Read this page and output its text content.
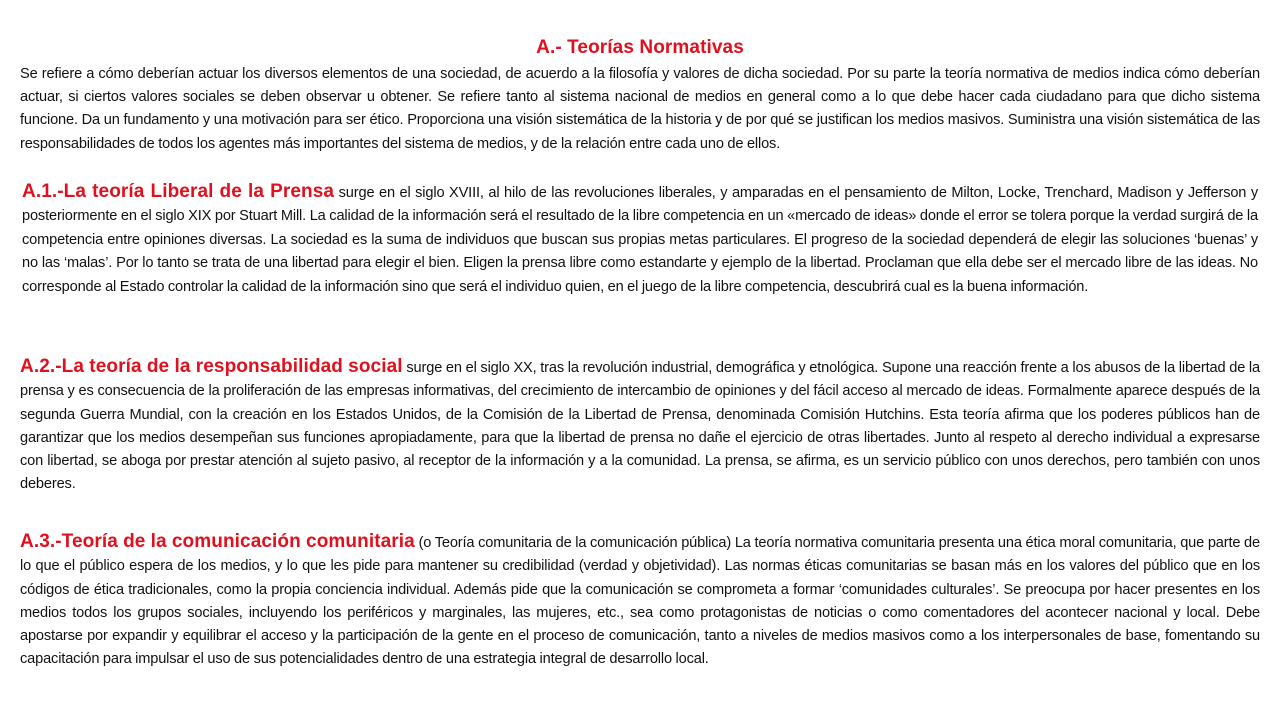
A.- Teorías Normativas
Se refiere a cómo deberían actuar los diversos elementos de una sociedad, de acuerdo a la filosofía y valores de dicha sociedad. Por su parte la teoría normativa de medios indica cómo deberían actuar, si ciertos valores sociales se deben observar u obtener. Se refiere tanto al sistema nacional de medios en general como a lo que debe hacer cada ciudadano para que dicho sistema funcione. Da un fundamento y una motivación para ser ético. Proporciona una visión sistemática de la historia y de por qué se justifican los medios masivos. Suministra una visión sistemática de las responsabilidades de todos los agentes más importantes del sistema de medios, y de la relación entre cada uno de ellos.
A.1.-La teoría Liberal de la Prensa surge en el siglo XVIII, al hilo de las revoluciones liberales, y amparadas en el pensamiento de Milton, Locke, Trenchard, Madison y Jefferson y posteriormente en el siglo XIX por Stuart Mill. La calidad de la información será el resultado de la libre competencia en un «mercado de ideas» donde el error se tolera porque la verdad surgirá de la competencia entre opiniones diversas. La sociedad es la suma de individuos que buscan sus propias metas particulares. El progreso de la sociedad dependerá de elegir las soluciones ‘buenas’ y no las ‘malas’. Por lo tanto se trata de una libertad para elegir el bien. Eligen la prensa libre como estandarte y ejemplo de la libertad. Proclaman que ella debe ser el mercado libre de las ideas. No corresponde al Estado controlar la calidad de la información sino que será el individuo quien, en el juego de la libre competencia, descubrirá cual es la buena información.
A.2.-La teoría de la responsabilidad social surge en el siglo XX, tras la revolución industrial, demográfica y etnológica. Supone una reacción frente a los abusos de la libertad de la prensa y es consecuencia de la proliferación de las empresas informativas, del crecimiento de intercambio de opiniones y del fácil acceso al mercado de ideas. Formalmente aparece después de la segunda Guerra Mundial, con la creación en los Estados Unidos, de la Comisión de la Libertad de Prensa, denominada Comisión Hutchins. Esta teoría afirma que los poderes públicos han de garantizar que los medios desempeñan sus funciones apropiadamente, para que la libertad de prensa no dañe el ejercicio de otras libertades. Junto al respeto al derecho individual a expresarse con libertad, se aboga por prestar atención al sujeto pasivo, al receptor de la información y a la comunidad. La prensa, se afirma, es un servicio público con unos derechos, pero también con unos deberes.
A.3.-Teoría de la comunicación comunitaria (o Teoría comunitaria de la comunicación pública) La teoría normativa comunitaria presenta una ética moral comunitaria, que parte de lo que el público espera de los medios, y lo que les pide para mantener su credibilidad (verdad y objetividad). Las normas éticas comunitarias se basan más en los valores del público que en los códigos de ética tradicionales, como la propia conciencia individual. Además pide que la comunicación se comprometa a formar ‘comunidades culturales’. Se preocupa por hacer presentes en los medios todos los grupos sociales, incluyendo los periféricos y marginales, las mujeres, etc., sea como protagonistas de noticias o como comentadores del acontecer nacional y local. Debe apostarse por expandir y equilibrar el acceso y la participación de la gente en el proceso de comunicación, tanto a niveles de medios masivos como a los interpersonales de base, fomentando su capacitación para impulsar el uso de sus potencialidades dentro de una estrategia integral de desarrollo local.
